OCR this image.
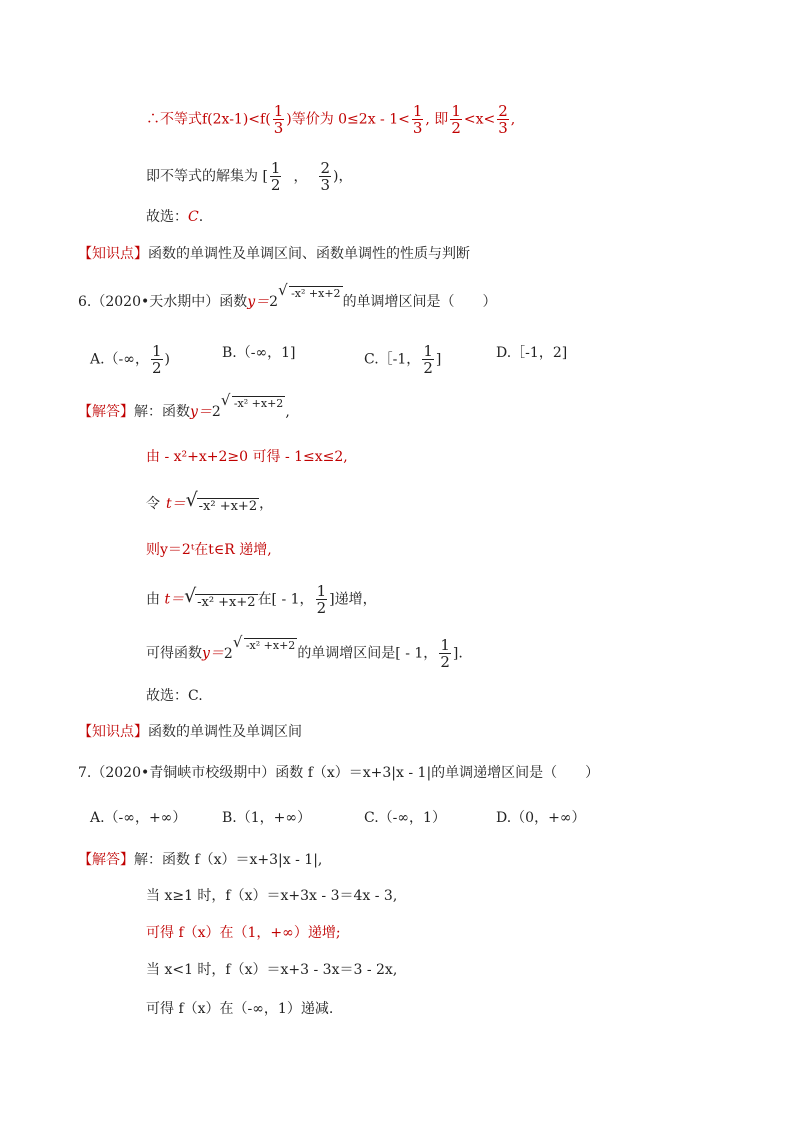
∴不等式$f(2x-1)<f( \frac{1}{3}$ )等价为 $0\le 2x - 1< \frac{1}{3}$ , 即 $\frac{1}{2} <x< \frac{2}{3}$ ,
即不等式的解集为 [ $\frac{1}{2}$ ， $\frac{2}{3}$ )，
故选：C.
【知识点】函数的单调性及单调区间、函数单调性的性质与判断
6.（2020•天水期中）函数y＝2
√ -x² +x+2的单调增区间是（　　）
A.（-∞， $\frac{1}{2}$ )	B.（-∞，1]	C.［-1， $\frac{1}{2}$ ]	D.［-1，2]
【解答】解：函数y＝2
√ -x² +x+2,
由 - x²+x+2≥0 可得 - 1≤x≤2,
令 t＝ √ -x² +x+2 ，
则y＝2ᵗ在t∈R 递增,
由 t＝ √ -x² +x+2 在[ - 1， $\frac{1}{2}$ ]递增，
可得函数y＝2
√ -x² +x+2的单调增区间是[ - 1， $\frac{1}{2}$ ].
故选：C.
【知识点】函数的单调性及单调区间
7.（2020•青铜峡市校级期中）函数 f（x）＝x+3|x - 1|的单调递增区间是（　　）
A.（-∞，+∞）	B.（1，+∞）	C.（-∞，1）	D.（0，+∞）
【解答】解：函数 f（x）＝x+3|x - 1|,
当 x≥1 时，f（x）＝x+3x - 3＝4x - 3,
可得 f（x）在（1，+∞）递增;
当 x<1 时，f（x）＝x+3 - 3x＝3 - 2x,
可得 f（x）在（-∞，1）递减.
